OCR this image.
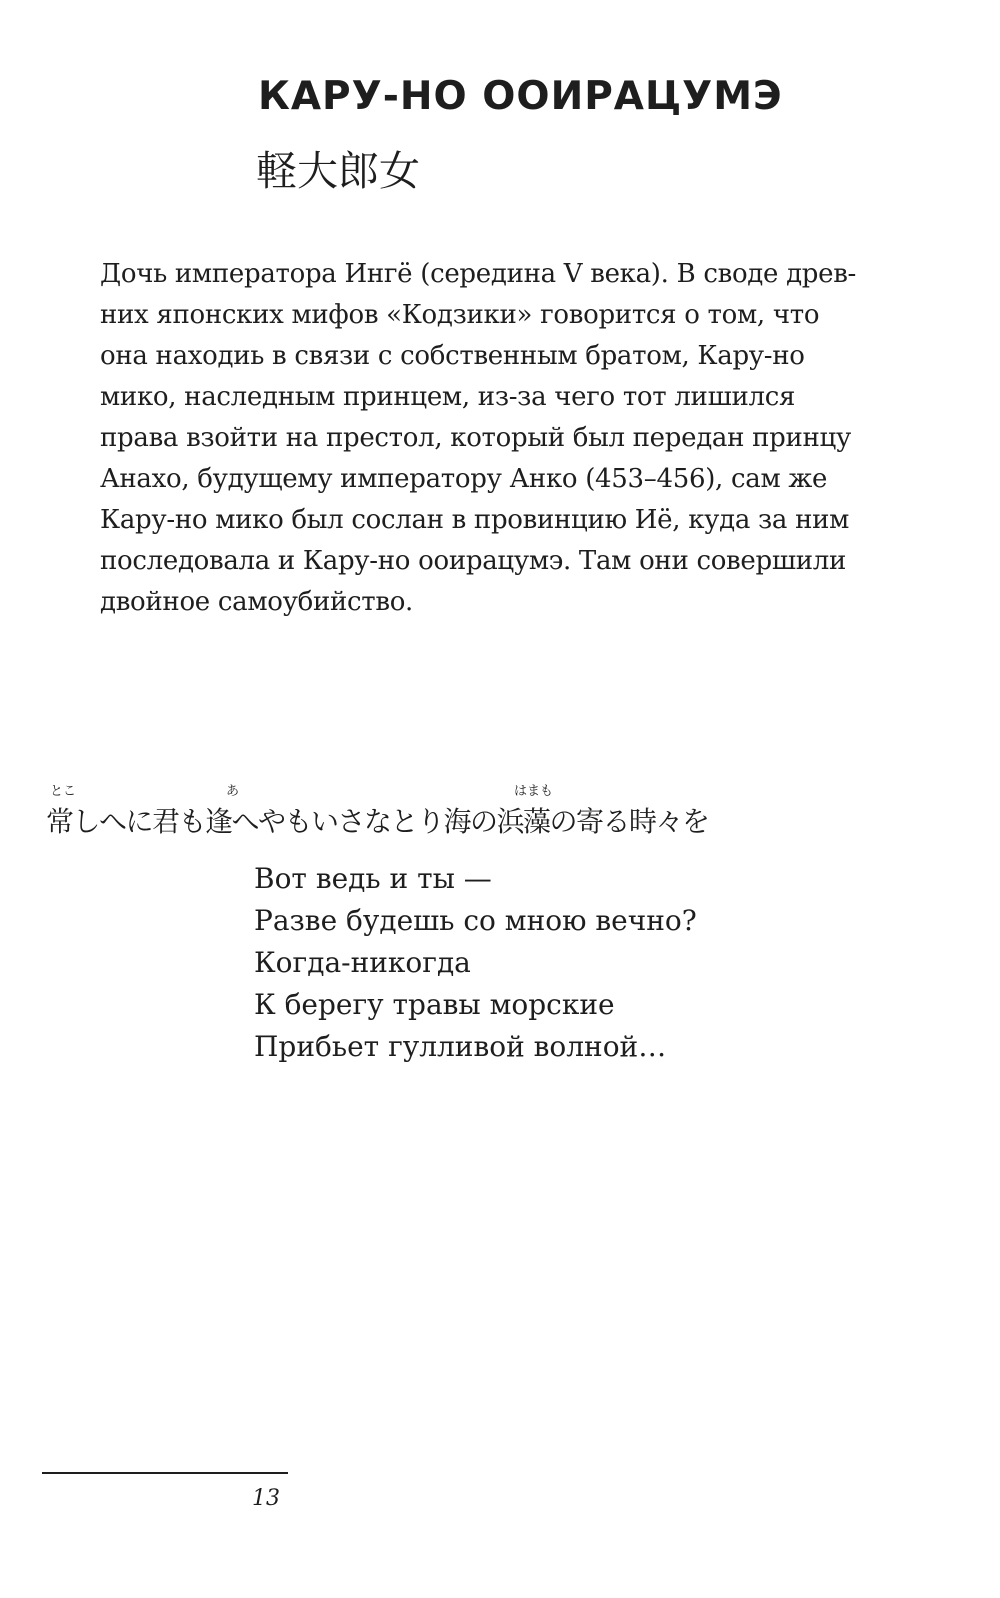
КАРУ-НО ООИРАЦУМЭ
軽大郎女
Дочь императора Ингё (середина V века). В своде древ-
них японских мифов «Кодзики» говорится о том, что
она находиь в связи с собственным братом, Кару-но
мико, наследным принцем, из-за чего тот лишился
права взойти на престол, который был передан принцу
Анахо, будущему императору Анко (453–456), сам же
Кару-но мико был сослан в провинцию Иё, куда за ним
последовала и Кару-но ооирацумэ. Там они совершили
двойное самоубийство.
とこ	あ	はまも
常しへに君も逢へやもいさなとり海の浜藻の寄る時々を
Вот ведь и ты —
Разве будешь со мною вечно?
Когда-никогда
К берегу травы морские
Прибьет гулливой волной…
13
